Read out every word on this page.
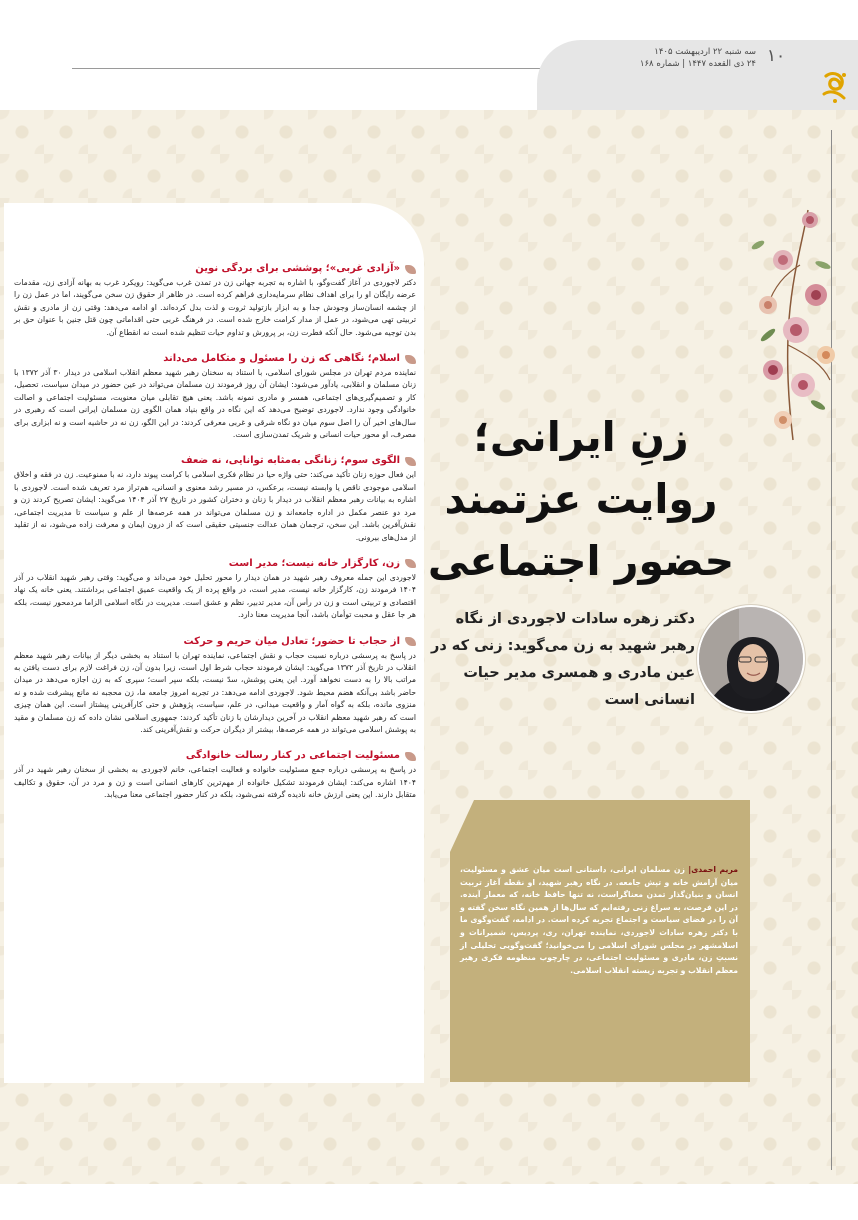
۱۰
سه شنبه ۲۲ اردیبهشت ۱۴۰۵
۲۴ ذی القعده ۱۴۴۷ | شماره ۱۶۸
زنِ ایرانی؛
روایت عزتمند
حضور اجتماعی

دکتر زهره سادات لاجوردی از نگاه رهبر شهید به زن می‌گوید: زنی که در عین مادری و همسری مدیر حیات انسانی است

مریم احمدی| زن مسلمان ایرانی، داستانی است میان عشق و مسئولیت، میان آرامش خانه و تپش جامعه. در نگاه رهبر شهید، او نقطه آغاز تربیت انسان و بنیان‌گذار تمدن معناگراست، نه تنها حافظ خانه، که معمار آینده. در این فرصت، به سراغ زنی رفته‌ایم که سال‌ها از همین نگاه سخن گفته و آن را در فضای سیاست و اجتماع تجربه کرده است. در ادامه، گفت‌وگوی ما با دکتر زهره سادات لاجوردی، نماینده تهران، ری، پردیس، شمیرانات و اسلامشهر در مجلس شورای اسلامی را می‌خوانید؛ گفت‌وگویی تحلیلی از نسبتِ زن، مادری و مسئولیت اجتماعی، در چارچوب منظومه فکری رهبر معظم انقلاب و تجربه زیسته انقلاب اسلامی.

«آزادی غربی»؛ پوششی برای بردگی نوین

دکتر لاجوردی در آغاز گفت‌وگو، با اشاره به تجربه جهانی زن در تمدن غرب می‌گوید: رویکرد غرب به بهانه آزادی زن، مقدمات عرضه رایگان او را برای اهداف نظام سرمایه‌داری فراهم کرده است. در ظاهر از حقوق زن سخن می‌گویند، اما در عمل زن را از چشمه انسان‌ساز وجودش جدا و به ابزار بازتولید ثروت و لذت بدل کرده‌اند. او ادامه می‌دهد: وقتی زن از مادری و نقش تربیتی تهی می‌شود، در عمل از مدار کرامت خارج شده است. در فرهنگ غربی حتی اقداماتی چون قتل جنین با عنوان حق بر بدن توجیه می‌شود. حال آنکه فطرت زن، بر پرورش و تداوم حیات تنظیم شده است نه انقطاع آن.

اسلام؛ نگاهی که زن را مسئول و متکامل می‌داند

نماینده مردم تهران در مجلس شورای اسلامی، با استناد به سخنان رهبر شهید معظم انقلاب اسلامی در دیدار ۳۰ آذر ۱۳۷۲ با زنان مسلمان و انقلابی، یادآور می‌شود: ایشان آن روز فرمودند زن مسلمان می‌تواند در عین حضور در میدان سیاست، تحصیل، کار و تصمیم‌گیری‌های اجتماعی، همسر و مادری نمونه باشد. یعنی هیچ تقابلی میان معنویت، مسئولیت اجتماعی و اصالت خانوادگی وجود ندارد. لاجوردی توضیح می‌دهد که این نگاه در واقع بنیاد همان الگوی زن مسلمان ایرانی است که رهبری در سال‌های اخیر آن را اصل سوم میان دو نگاه شرقی و غربی معرفی کردند: در این الگو، زن نه در حاشیه است و نه ابزاری برای مصرف، او محور حیات انسانی و شریک تمدن‌سازی است.

الگوی سوم؛ زنانگی به‌مثابه توانایی، نه ضعف

این فعال حوزه زنان تأکید می‌کند: حتی واژه حیا در نظام فکری اسلامی با کرامت پیوند دارد، نه با ممنوعیت. زن در فقه و اخلاق اسلامی موجودی ناقص یا وابسته نیست، برعکس، در مسیر رشد معنوی و انسانی، هم‌تراز مرد تعریف شده است. لاجوردی با اشاره به بیانات رهبر معظم انقلاب در دیدار با زنان و دختران کشور در تاریخ ۲۷ آذر ۱۴۰۴ می‌گوید: ایشان تصریح کردند زن و مرد دو عنصر مکمل در اداره جامعه‌اند و زن مسلمان می‌تواند در همه عرصه‌ها از علم و سیاست تا مدیریت اجتماعی، نقش‌آفرین باشد. این سخن، ترجمان همان عدالت جنسیتی حقیقی است که از درون ایمان و معرفت زاده می‌شود، نه از تقلید از مدل‌های بیرونی.

زن، کارگزار خانه نیست؛ مدیر است

لاجوردی این جمله معروف رهبر شهید در همان دیدار را محور تحلیل خود می‌داند و می‌گوید: وقتی رهبر شهید انقلاب در آذر ۱۴۰۴ فرمودند زن، کارگزار خانه نیست، مدیر است، در واقع پرده از یک واقعیت عمیق اجتماعی برداشتند. یعنی خانه یک نهاد اقتصادی و تربیتی است و زن در رأس آن، مدیر تدبیر، نظم و عشق است. مدیریت در نگاه اسلامی الزاما مردمحور نیست، بلکه هر جا عقل و محبت توأمان باشد، آنجا مدیریت معنا دارد.

از حجاب تا حضور؛ تعادل میان حریم و حرکت

در پاسخ به پرسشی درباره نسبت حجاب و نقش اجتماعی، نماینده تهران با استناد به بخشی دیگر از بیانات رهبر شهید معظم انقلاب در تاریخ آذر ۱۳۷۲ می‌گوید: ایشان فرمودند حجاب شرط اول است، زیرا بدون آن، زن فراغت لازم برای دست یافتن به مراتب بالا را به دست نخواهد آورد. این یعنی پوشش، سدّ نیست، بلکه سپر است؛ سپری که به زن اجازه می‌دهد در میدان حاضر باشد بی‌آنکه هضم محیط شود. لاجوردی ادامه می‌دهد: در تجربه امروز جامعه ما، زن محجبه نه مانع پیشرفت شده و نه منزوی مانده، بلکه به گواه آمار و واقعیت میدانی، در علم، سیاست، پژوهش و حتی کارآفرینی پیشتاز است. این همان چیزی است که رهبر شهید معظم انقلاب در آخرین دیدارشان با زنان تأکید کردند: جمهوری اسلامی نشان داده که زن مسلمان و مقید به پوشش اسلامی می‌تواند در همه عرصه‌ها، بیشتر از دیگران حرکت و نقش‌آفرینی کند.

مسئولیت اجتماعی در کنار رسالت خانوادگی

در پاسخ به پرسشی درباره جمع مسئولیت خانواده و فعالیت اجتماعی، خانم لاجوردی به بخشی از سخنان رهبر شهید در آذر ۱۴۰۴ اشاره می‌کند: ایشان فرمودند تشکیل خانواده از مهم‌ترین کارهای انسانی است و زن و مرد در آن، حقوق و تکالیف متقابل دارند. این یعنی ارزش خانه نادیده گرفته نمی‌شود، بلکه در کنار حضور اجتماعی معنا می‌یابد.
